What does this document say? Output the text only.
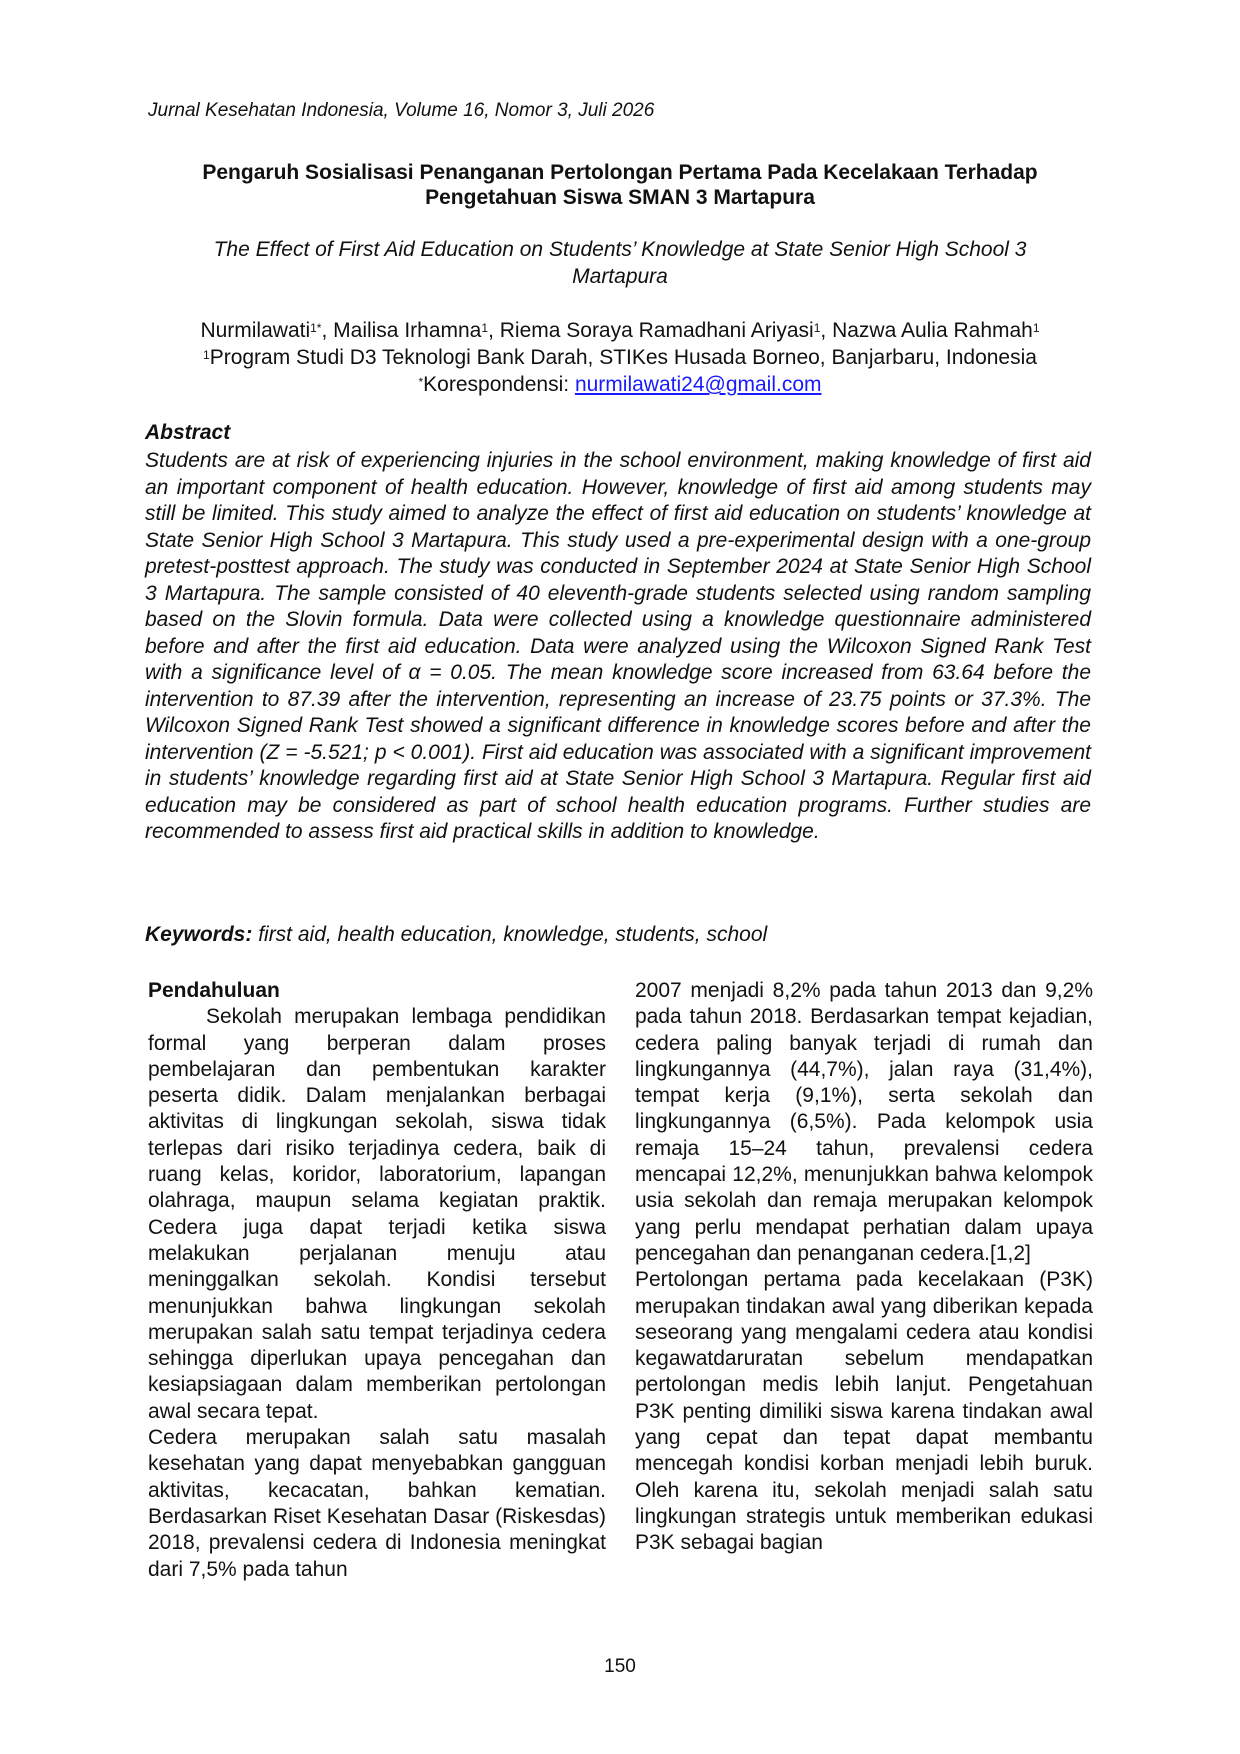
Jurnal Kesehatan Indonesia, Volume 16, Nomor 3, Juli 2026
Pengaruh Sosialisasi Penanganan Pertolongan Pertama Pada Kecelakaan Terhadap
Pengetahuan Siswa SMAN 3 Martapura
The Effect of First Aid Education on Students’ Knowledge at State Senior High School 3
Martapura
Nurmilawati$^{1*}$, Mailisa Irhamna$^1$, Riema Soraya Ramadhani Ariyasi$^1$, Nazwa Aulia Rahmah$^1$
$^1$Program Studi D3 Teknologi Bank Darah, STIKes Husada Borneo, Banjarbaru, Indonesia
*Korespondensi: nurmilawati24@gmail.com
Abstract
Students are at risk of experiencing injuries in the school environment, making knowledge of first aid an important component of health education. However, knowledge of first aid among students may still be limited. This study aimed to analyze the effect of first aid education on students’ knowledge at State Senior High School 3 Martapura. This study used a pre-experimental design with a one-group pretest-posttest approach. The study was conducted in September 2024 at State Senior High School 3 Martapura. The sample consisted of 40 eleventh-grade students selected using random sampling based on the Slovin formula. Data were collected using a knowledge questionnaire administered before and after the first aid education. Data were analyzed using the Wilcoxon Signed Rank Test with a significance level of α = 0.05. The mean knowledge score increased from 63.64 before the intervention to 87.39 after the intervention, representing an increase of 23.75 points or 37.3%. The Wilcoxon Signed Rank Test showed a significant difference in knowledge scores before and after the intervention (Z = -5.521; p < 0.001). First aid education was associated with a significant improvement in students’ knowledge regarding first aid at State Senior High School 3 Martapura. Regular first aid education may be considered as part of school health education programs. Further studies are recommended to assess first aid practical skills in addition to knowledge.
Keywords: first aid, health education, knowledge, students, school

Pendahuluan

Sekolah merupakan lembaga pendidikan formal yang berperan dalam proses pembelajaran dan pembentukan karakter peserta didik. Dalam menjalankan berbagai aktivitas di lingkungan sekolah, siswa tidak terlepas dari risiko terjadinya cedera, baik di ruang kelas, koridor, laboratorium, lapangan olahraga, maupun selama kegiatan praktik. Cedera juga dapat terjadi ketika siswa melakukan perjalanan menuju atau meninggalkan sekolah. Kondisi tersebut menunjukkan bahwa lingkungan sekolah merupakan salah satu tempat terjadinya cedera sehingga diperlukan upaya pencegahan dan kesiapsiagaan dalam memberikan pertolongan awal secara tepat.

Cedera merupakan salah satu masalah kesehatan yang dapat menyebabkan gangguan aktivitas, kecacatan, bahkan kematian. Berdasarkan Riset Kesehatan Dasar (Riskesdas) 2018, prevalensi cedera di Indonesia meningkat dari 7,5% pada tahun

2007 menjadi 8,2% pada tahun 2013 dan 9,2% pada tahun 2018. Berdasarkan tempat kejadian, cedera paling banyak terjadi di rumah dan lingkungannya (44,7%), jalan raya (31,4%), tempat kerja (9,1%), serta sekolah dan lingkungannya (6,5%). Pada kelompok usia remaja 15–24 tahun, prevalensi cedera mencapai 12,2%, menunjukkan bahwa kelompok usia sekolah dan remaja merupakan kelompok yang perlu mendapat perhatian dalam upaya pencegahan dan penanganan cedera.[1,2]

Pertolongan pertama pada kecelakaan (P3K) merupakan tindakan awal yang diberikan kepada seseorang yang mengalami cedera atau kondisi kegawatdaruratan sebelum mendapatkan pertolongan medis lebih lanjut. Pengetahuan P3K penting dimiliki siswa karena tindakan awal yang cepat dan tepat dapat membantu mencegah kondisi korban menjadi lebih buruk. Oleh karena itu, sekolah menjadi salah satu lingkungan strategis untuk memberikan edukasi P3K sebagai bagian

150
